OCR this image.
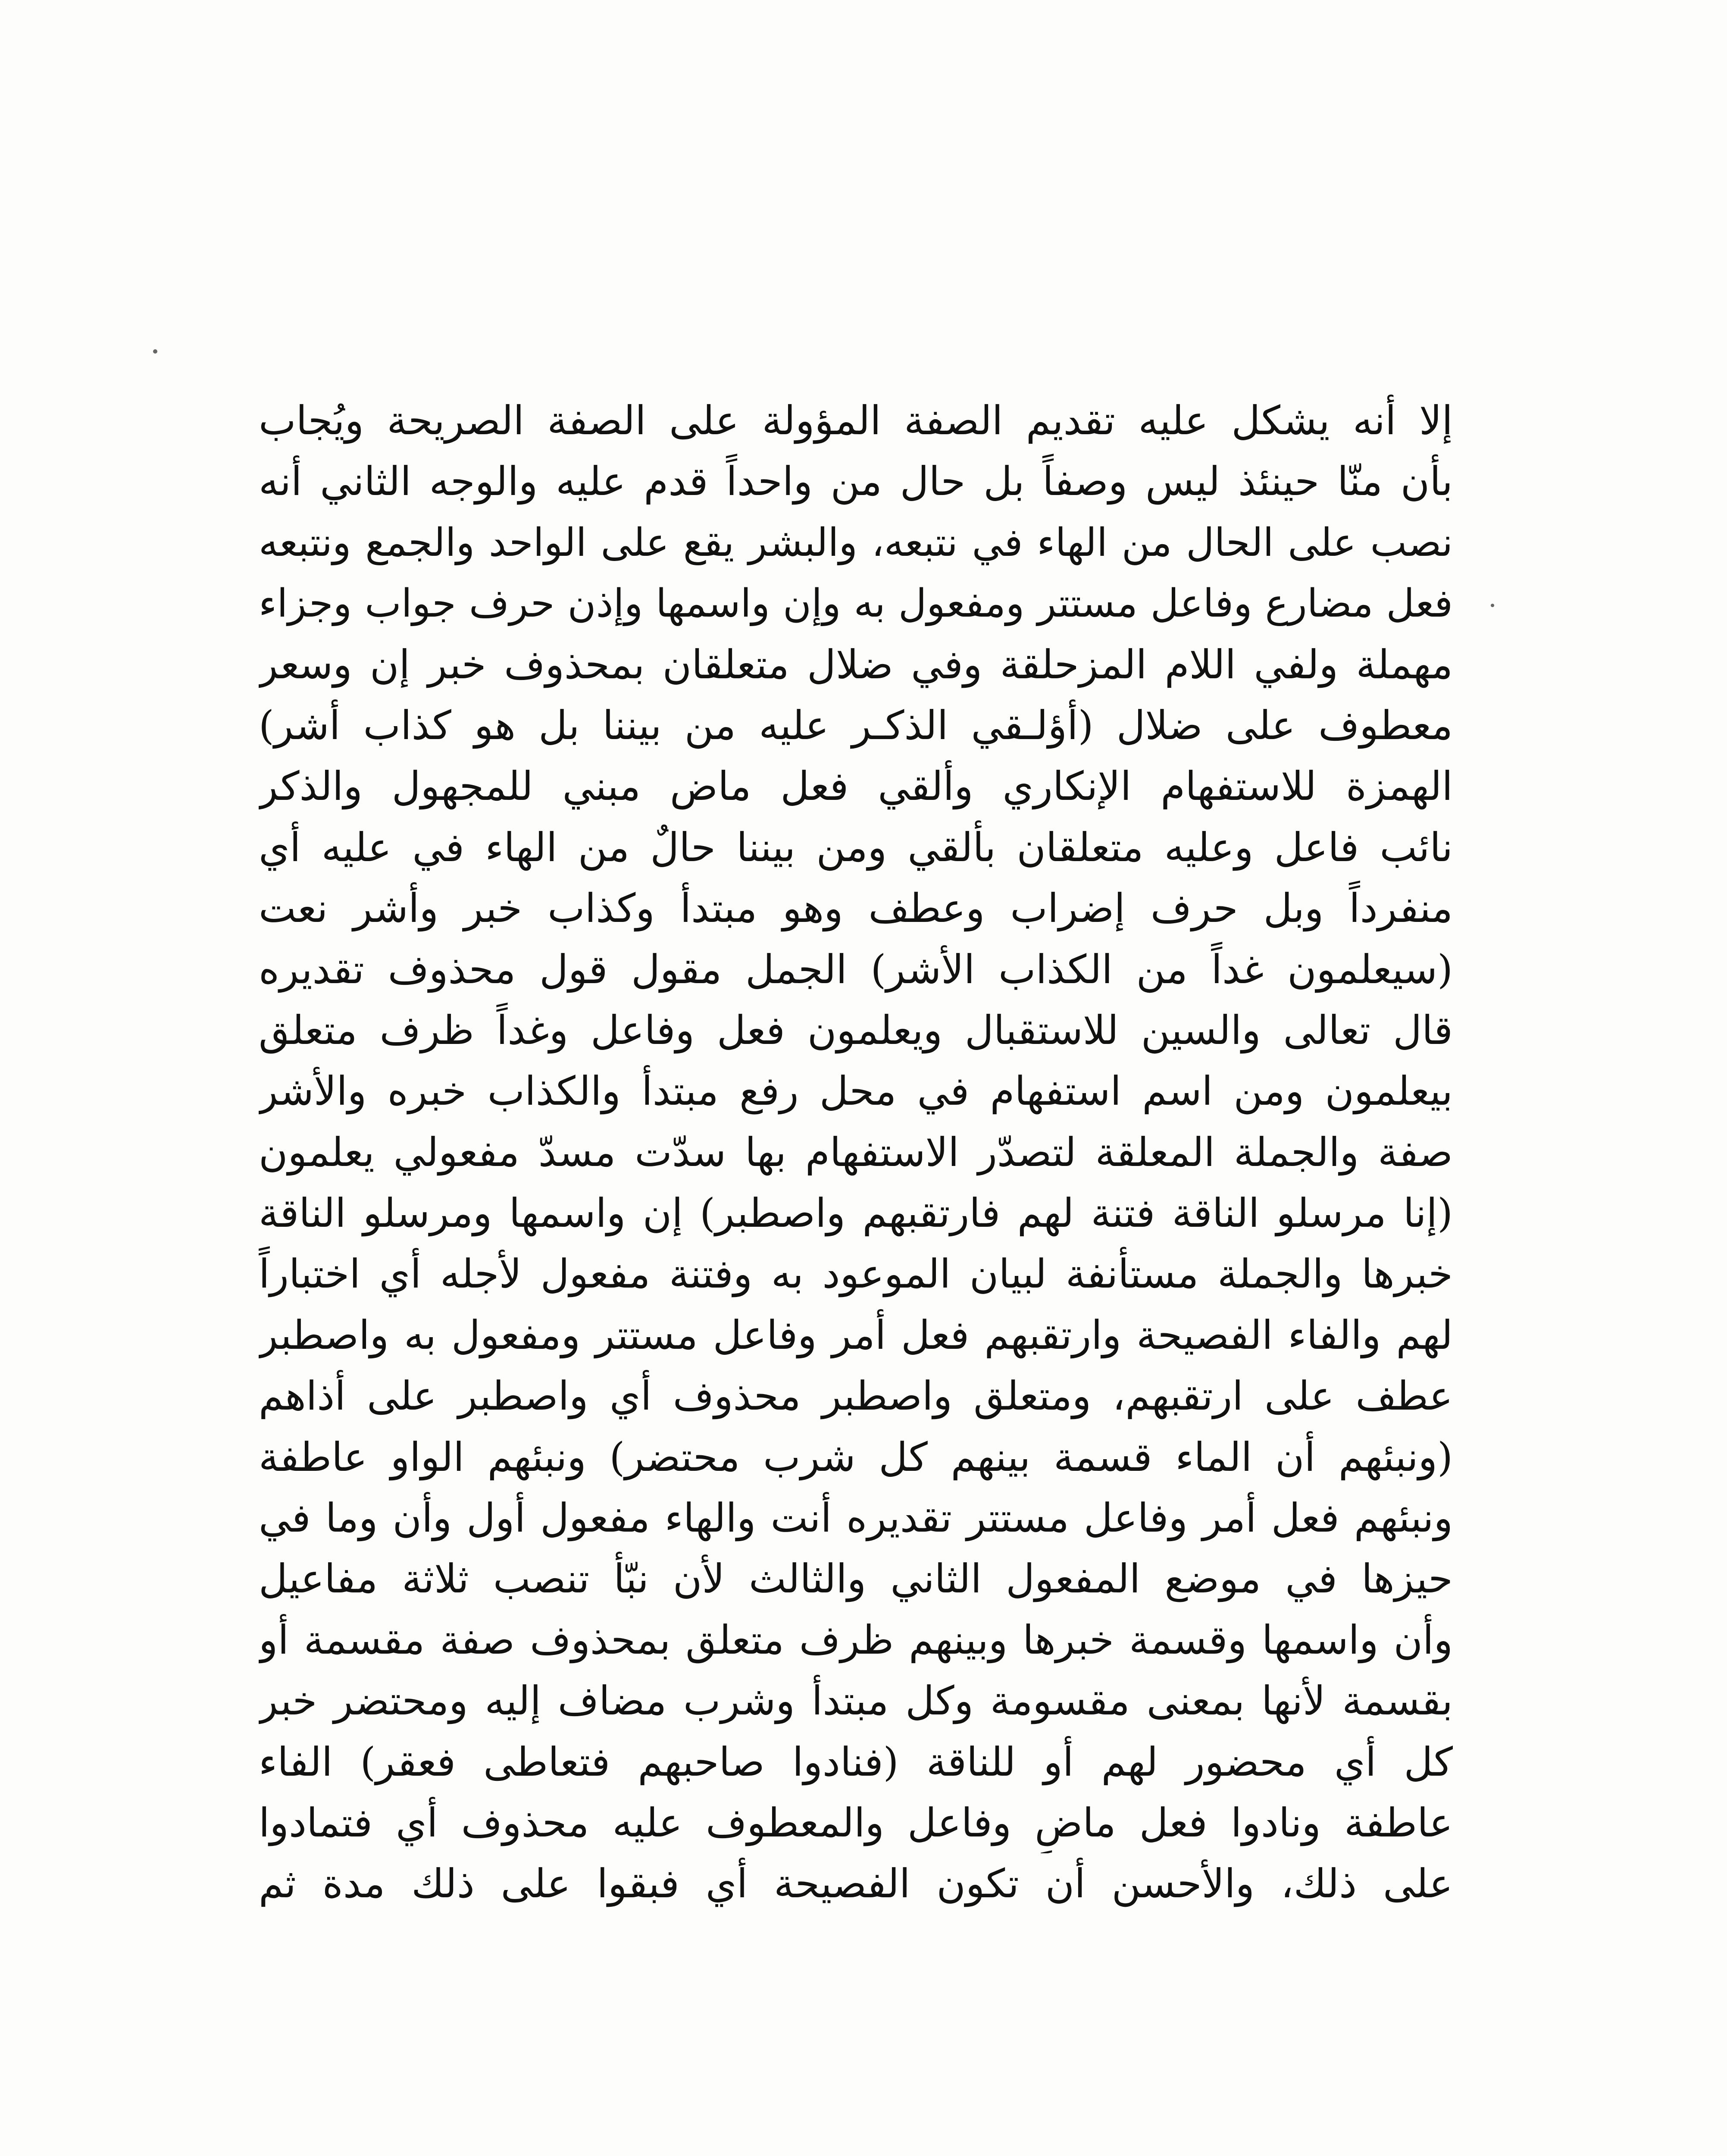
إلا أنه يشكل عليه تقديم الصفة المؤولة على الصفة الصريحة ويُجاب
بأن منّا حينئذ ليس وصفاً بل حال من واحداً قدم عليه والوجه الثاني أنه
نصب على الحال من الهاء في نتبعه، والبشر يقع على الواحد والجمع ونتبعه
فعل مضارع وفاعل مستتر ومفعول به وإن واسمها وإذن حرف جواب وجزاء
مهملة ولفي اللام المزحلقة وفي ضلال متعلقان بمحذوف خبر إن وسعر
معطوف على ضلال (أؤلـقي الذكـر عليه من بيننا بل هو كذاب أشر)
الهمزة للاستفهام الإنكاري وألقي فعل ماض مبني للمجهول والذكر
نائب فاعل وعليه متعلقان بألقي ومن بيننا حالٌ من الهاء في عليه أي
منفرداً وبل حرف إضراب وعطف وهو مبتدأ وكذاب خبر وأشر نعت
(سيعلمون غداً من الكذاب الأشر) الجمل مقول قول محذوف تقديره
قال تعالى والسين للاستقبال ويعلمون فعل وفاعل وغداً ظرف متعلق
بيعلمون ومن اسم استفهام في محل رفع مبتدأ والكذاب خبره والأشر
صفة والجملة المعلقة لتصدّر الاستفهام بها سدّت مسدّ مفعولي يعلمون
(إنا مرسلو الناقة فتنة لهم فارتقبهم واصطبر) إن واسمها ومرسلو الناقة
خبرها والجملة مستأنفة لبيان الموعود به وفتنة مفعول لأجله أي اختباراً
لهم والفاء الفصيحة وارتقبهم فعل أمر وفاعل مستتر ومفعول به واصطبر
عطف على ارتقبهم، ومتعلق واصطبر محذوف أي واصطبر على أذاهم
(ونبئهم أن الماء قسمة بينهم كل شرب محتضر) ونبئهم الواو عاطفة
ونبئهم فعل أمر وفاعل مستتر تقديره أنت والهاء مفعول أول وأن وما في
حيزها في موضع المفعول الثاني والثالث لأن نبّأ تنصب ثلاثة مفاعيل
وأن واسمها وقسمة خبرها وبينهم ظرف متعلق بمحذوف صفة مقسمة أو
بقسمة لأنها بمعنى مقسومة وكل مبتدأ وشرب مضاف إليه ومحتضر خبر
كل أي محضور لهم أو للناقة (فنادوا صاحبهم فتعاطى فعقر) الفاء
عاطفة ونادوا فعل ماضٍ وفاعل والمعطوف عليه محذوف أي فتمادوا
على ذلك، والأحسن أن تكون الفصيحة أي فبقوا على ذلك مدة ثم
